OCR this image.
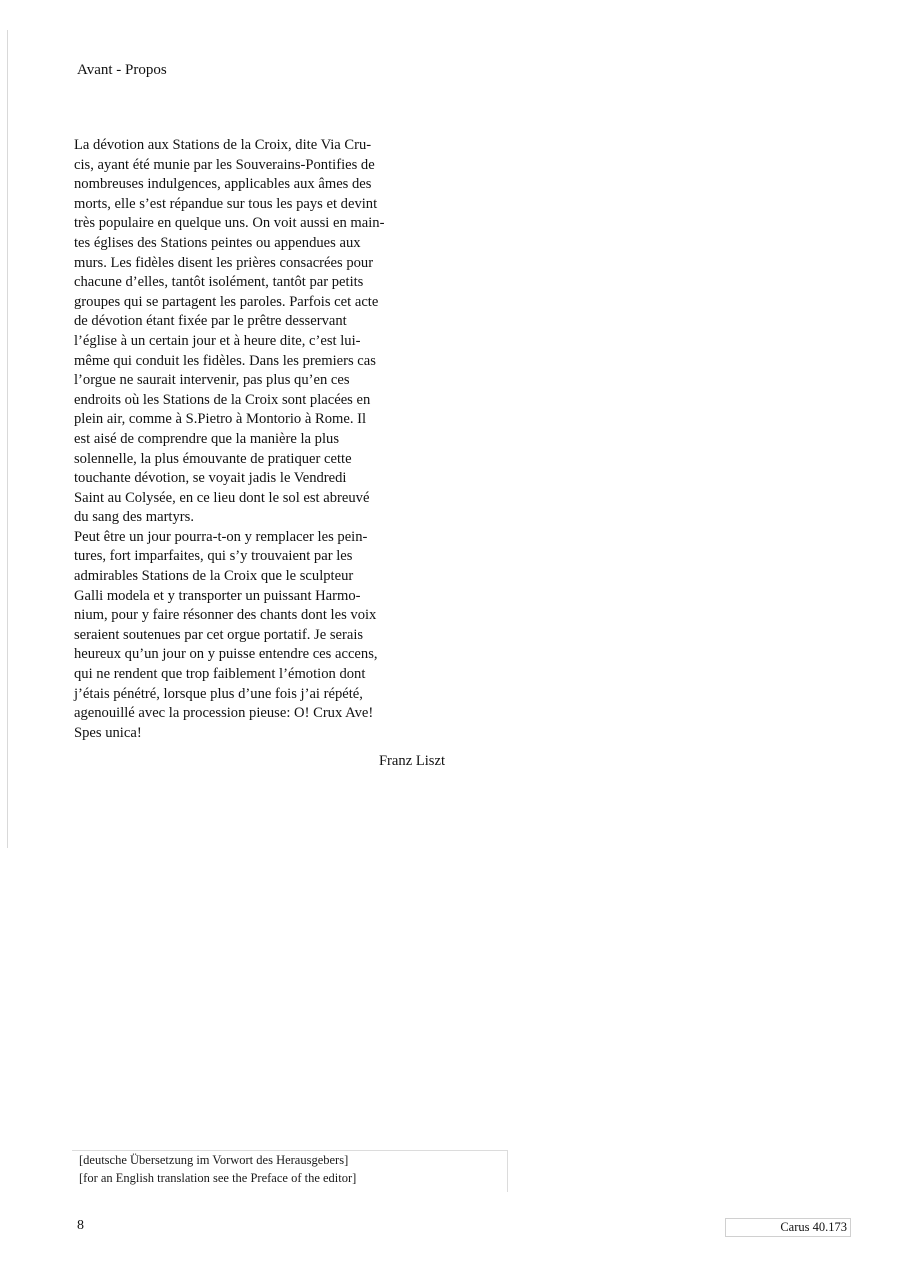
Avant - Propos
La dévotion aux Stations de la Croix, dite Via Cru-
cis, ayant été munie par les Souverains-Pontifies de
nombreuses indulgences, applicables aux âmes des
morts, elle s’est répandue sur tous les pays et devint
très populaire en quelque uns. On voit aussi en main-
tes églises des Stations peintes ou appendues aux
murs. Les fidèles disent les prières consacrées pour
chacune d’elles, tantôt isolément, tantôt par petits
groupes qui se partagent les paroles. Parfois cet acte
de dévotion étant fixée par le prêtre desservant
l’église à un certain jour et à heure dite, c’est lui-
même qui conduit les fidèles. Dans les premiers cas
l’orgue ne saurait intervenir, pas plus qu’en ces
endroits où les Stations de la Croix sont placées en
plein air, comme à S.Pietro à Montorio à Rome. Il
est aisé de comprendre que la manière la plus
solennelle, la plus émouvante de pratiquer cette
touchante dévotion, se voyait jadis le Vendredi
Saint au Colysée, en ce lieu dont le sol est abreuvé
du sang des martyrs.
Peut être un jour pourra-t-on y remplacer les pein-
tures, fort imparfaites, qui s’y trouvaient par les
admirables Stations de la Croix que le sculpteur
Galli modela et y transporter un puissant Harmo-
nium, pour y faire résonner des chants dont les voix
seraient soutenues par cet orgue portatif. Je serais
heureux qu’un jour on y puisse entendre ces accens,
qui ne rendent que trop faiblement l’émotion dont
j’étais pénétré, lorsque plus d’une fois j’ai répété,
agenouillé avec la procession pieuse: O! Crux Ave!
Spes unica!
Franz Liszt
[deutsche Übersetzung im Vorwort des Herausgebers]
[for an English translation see the Preface of the editor]
8	Carus 40.173
